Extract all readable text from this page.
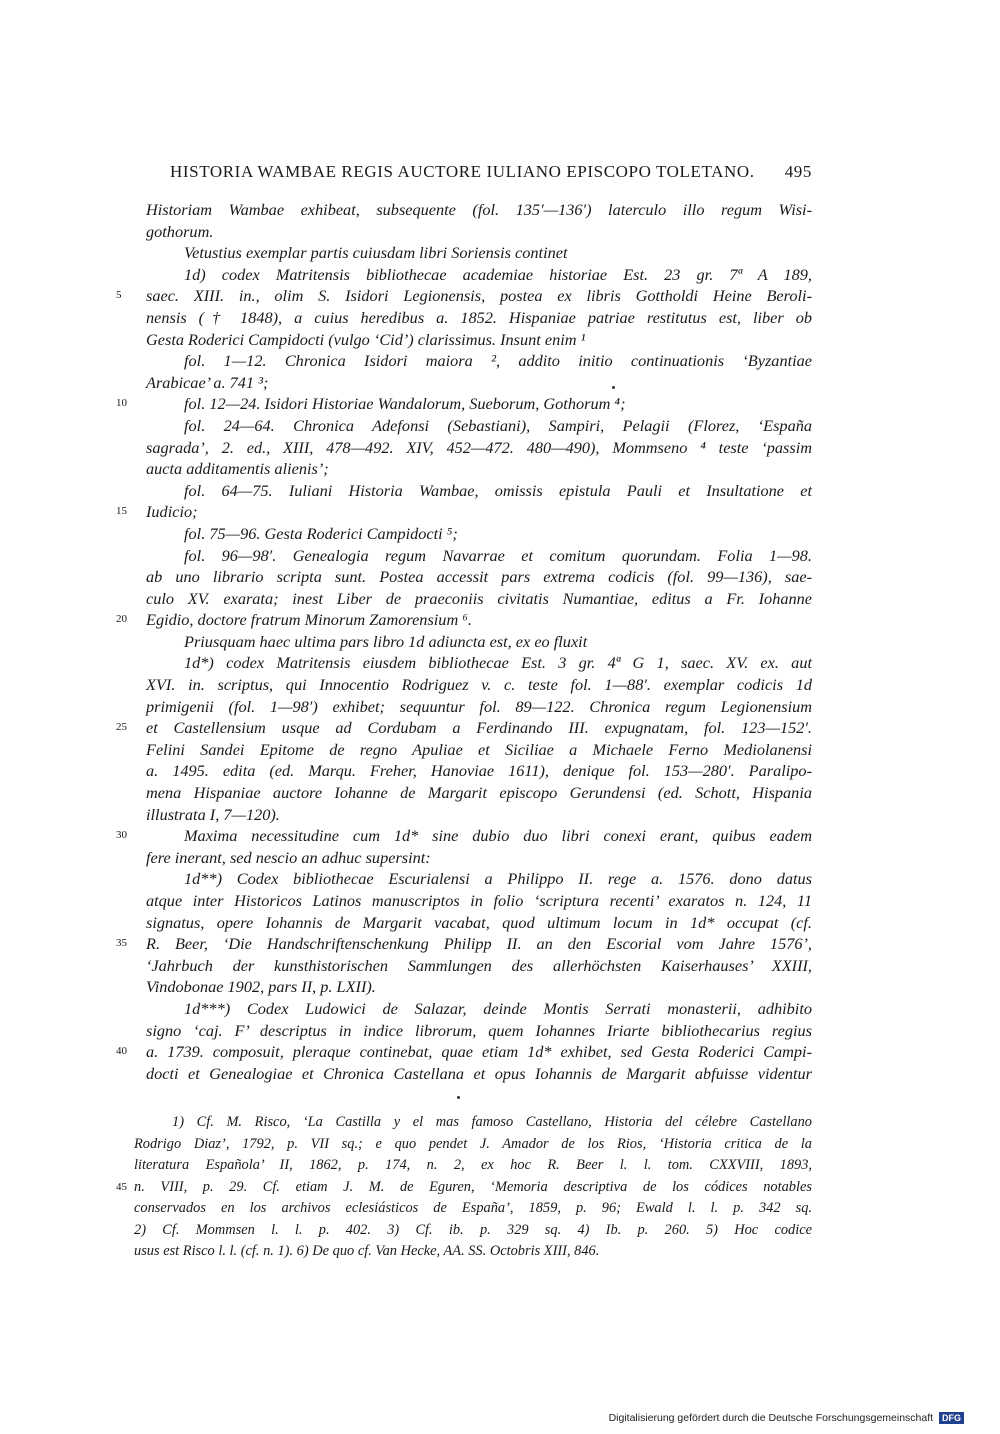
HISTORIA WAMBAE REGIS AUCTORE IULIANO EPISCOPO TOLETANO. 495
Historiam Wambae exhibeat, subsequente (fol. 135′—136′) laterculo illo regum Wisi-
gothorum.
Vetustius exemplar partis cuiusdam libri Soriensis continet
1d) codex Matritensis bibliothecae academiae historiae Est. 23 gr. 7ª A 189,
saec. XIII. in., olim S. Isidori Legionensis, postea ex libris Gottholdi Heine Beroli-
5
nensis († 1848), a cuius heredibus a. 1852. Hispaniae patriae restitutus est, liber ob
Gesta Roderici Campidocti (vulgo ‘Cid’) clarissimus. Insunt enim ¹
fol. 1—12. Chronica Isidori maiora ², addito initio continuationis ‘Byzantiae
Arabicae’ a. 741 ³;
fol. 12—24. Isidori Historiae Wandalorum, Sueborum, Gothorum ⁴;
10
fol. 24—64. Chronica Adefonsi (Sebastiani), Sampiri, Pelagii (Florez, ‘España
sagrada’, 2. ed., XIII, 478—492. XIV, 452—472. 480—490), Mommseno ⁴ teste ‘passim
aucta additamentis alienis’;
fol. 64—75. Iuliani Historia Wambae, omissis epistula Pauli et Insultatione et
Iudicio;
15
fol. 75—96. Gesta Roderici Campidocti ⁵;
fol. 96—98′. Genealogia regum Navarrae et comitum quorundam. Folia 1—98.
ab uno librario scripta sunt. Postea accessit pars extrema codicis (fol. 99—136), sae-
culo XV. exarata; inest Liber de praeconiis civitatis Numantiae, editus a Fr. Iohanne
Egidio, doctore fratrum Minorum Zamorensium ⁶.
20
Priusquam haec ultima pars libro 1d adiuncta est, ex eo fluxit
1d*) codex Matritensis eiusdem bibliothecae Est. 3 gr. 4ª G 1, saec. XV. ex. aut
XVI. in. scriptus, qui Innocentio Rodriguez v. c. teste fol. 1—88′. exemplar codicis 1d
primigenii (fol. 1—98′) exhibet; sequuntur fol. 89—122. Chronica regum Legionensium
et Castellensium usque ad Cordubam a Ferdinando III. expugnatam, fol. 123—152′.
25
Felini Sandei Epitome de regno Apuliae et Siciliae a Michaele Ferno Mediolanensi
a. 1495. edita (ed. Marqu. Freher, Hanoviae 1611), denique fol. 153—280′. Paralipo-
mena Hispaniae auctore Iohanne de Margarit episcopo Gerundensi (ed. Schott, Hispania
illustrata I, 7—120).
Maxima necessitudine cum 1d* sine dubio duo libri conexi erant, quibus eadem
30
fere inerant, sed nescio an adhuc supersint:
1d**) Codex bibliothecae Escurialensi a Philippo II. rege a. 1576. dono datus
atque inter Historicos Latinos manuscriptos in folio ‘scriptura recenti’ exaratos n. 124, 11
signatus, opere Iohannis de Margarit vacabat, quod ultimum locum in 1d* occupat (cf.
R. Beer, ‘Die Handschriftenschenkung Philipp II. an den Escorial vom Jahre 1576’,
35
‘Jahrbuch der kunsthistorischen Sammlungen des allerhöchsten Kaiserhauses’ XXIII,
Vindobonae 1902, pars II, p. LXII).
1d***) Codex Ludowici de Salazar, deinde Montis Serrati monasterii, adhibito
signo ‘caj. F’ descriptus in indice librorum, quem Iohannes Iriarte bibliothecarius regius
a. 1739. composuit, pleraque continebat, quae etiam 1d* exhibet, sed Gesta Roderici Campi-
40
docti et Genealogiae et Chronica Castellana et opus Iohannis de Margarit abfuisse videntur
1) Cf. M. Risco, ‘La Castilla y el mas famoso Castellano, Historia del célebre Castellano
Rodrigo Diaz’, 1792, p. VII sq.; e quo pendet J. Amador de los Rios, ‘Historia critica de la
literatura Española’ II, 1862, p. 174, n. 2, ex hoc R. Beer l. l. tom. CXXVIII, 1893,
n. VIII, p. 29. Cf. etiam J. M. de Eguren, ‘Memoria descriptiva de los códices notables
45
conservados en los archivos eclesiásticos de España’, 1859, p. 96; Ewald l. l. p. 342 sq.
2) Cf. Mommsen l. l. p. 402. 3) Cf. ib. p. 329 sq. 4) Ib. p. 260. 5) Hoc codice
usus est Risco l. l. (cf. n. 1). 6) De quo cf. Van Hecke, AA. SS. Octobris XIII, 846.
Digitalisierung gefördert durch die Deutsche Forschungsgemeinschaft DFG
